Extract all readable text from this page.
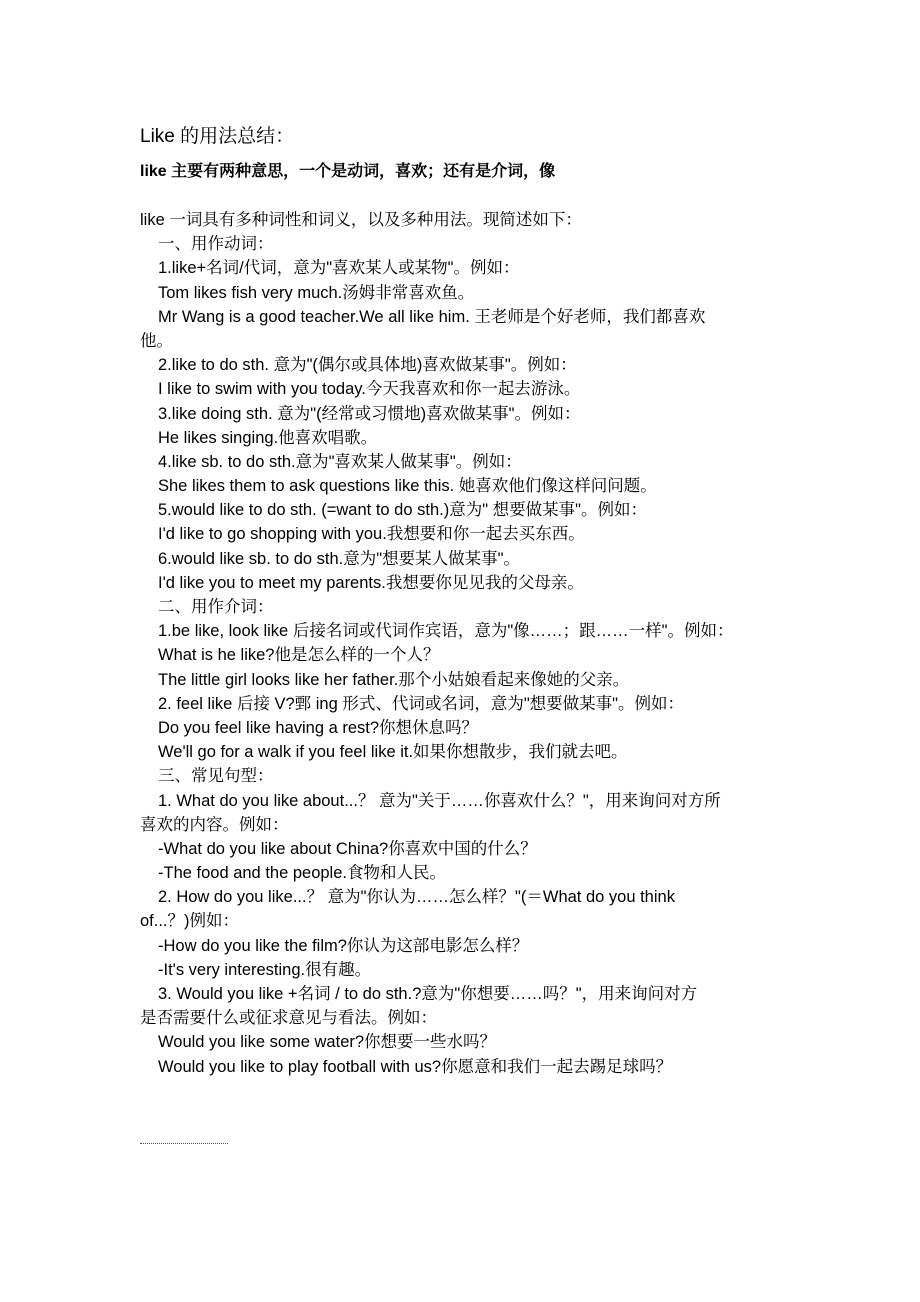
Like 的用法总结：
like 主要有两种意思，一个是动词，喜欢；还有是介词，像
like 一词具有多种词性和词义，以及多种用法。现简述如下：
一、用作动词：
1.like+名词/代词，意为"喜欢某人或某物"。例如：
Tom likes fish very much.汤姆非常喜欢鱼。
Mr Wang is a good teacher.We all like him. 王老师是个好老师，我们都喜欢
他。
2.like to do sth. 意为"(偶尔或具体地)喜欢做某事"。例如：
I like to swim with you today.今天我喜欢和你一起去游泳。
3.like doing sth. 意为"(经常或习惯地)喜欢做某事"。例如：
He likes singing.他喜欢唱歌。
4.like sb. to do sth.意为"喜欢某人做某事"。例如：
She likes them to ask questions like this. 她喜欢他们像这样问问题。
5.would like to do sth. (=want to do sth.)意为" 想要做某事"。例如：
I'd like to go shopping with you.我想要和你一起去买东西。
6.would like sb. to do sth.意为"想要某人做某事"。
I'd like you to meet my parents.我想要你见见我的父母亲。
二、用作介词：
1.be like, look like 后接名词或代词作宾语，意为"像……；跟……一样"。例如：
What is he like?他是怎么样的一个人？
The little girl looks like her father.那个小姑娘看起来像她的父亲。
2. feel like 后接 V?鄄 ing 形式、代词或名词，意为"想要做某事"。例如：
Do you feel like having a rest?你想休息吗？
We'll go for a walk if you feel like it.如果你想散步，我们就去吧。
三、常见句型：
1. What do you like about...？ 意为"关于……你喜欢什么？"，用来询问对方所
喜欢的内容。例如：
-What do you like about China?你喜欢中国的什么？
-The food and the people.食物和人民。
2. How do you like...？ 意为"你认为……怎么样？"(＝What do you think
of...？)例如：
-How do you like the film?你认为这部电影怎么样？
-It's very interesting.很有趣。
3. Would you like +名词 / to do sth.?意为"你想要……吗？"，用来询问对方
是否需要什么或征求意见与看法。例如：
Would you like some water?你想要一些水吗？
Would you like to play football with us?你愿意和我们一起去踢足球吗？
